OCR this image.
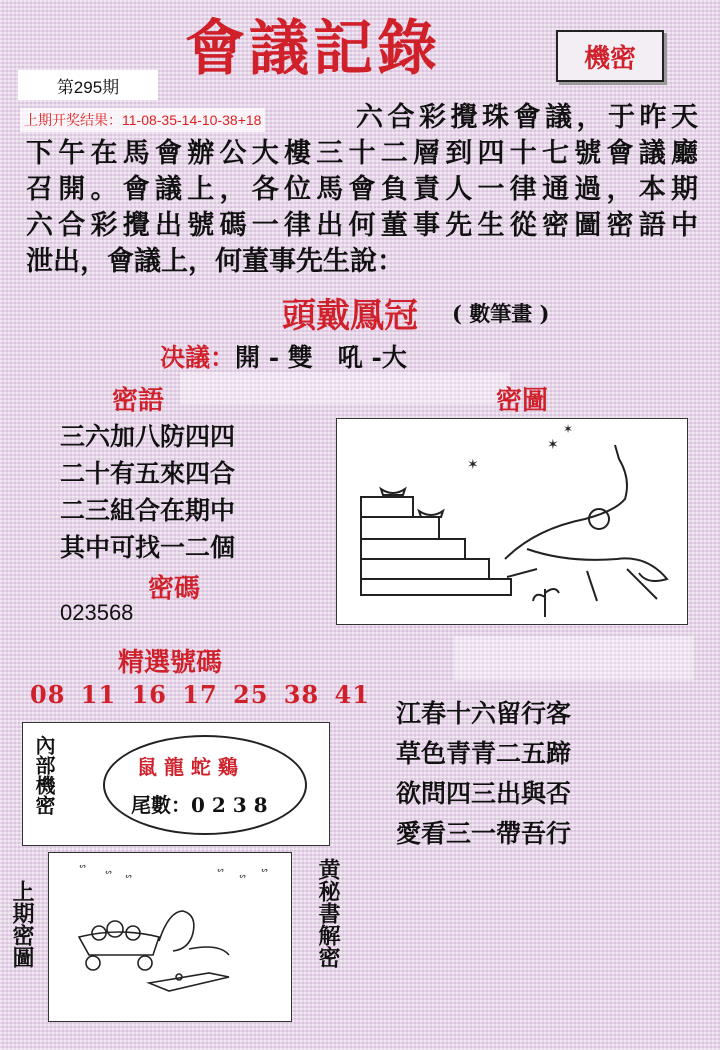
會議記錄	機密
第295期
上期开奖结果：11-08-35-14-10-38+18	六合彩攪珠會議，于昨天
下午在馬會辦公大樓三十二層到四十七號會議廳
召開。會議上，各位馬會負責人一律通過，本期
六合彩攪出號碼一律出何董事先生從密圖密語中
泄出，會議上，何董事先生說：
頭戴鳳冠 ( 數筆畫 )
决議：開 - 雙　吼 -大
密語
三六加八防四四
二十有五來四合
二三組合在期中
其中可找一二個
密圖
✶
✶
✶
密碼
023568
精選號碼
08 11 16 17 25 38 41
內部機密	鼠 龍 蛇 鷄
尾數：0 2 3 8
江春十六留行客
草色青青二五蹄
欲問四三出與否
愛看三一帶吾行
上期密圖
ᔥ ᔥ ᔥ	ᔥ ᔥ ᔥ 黄秘書解密
